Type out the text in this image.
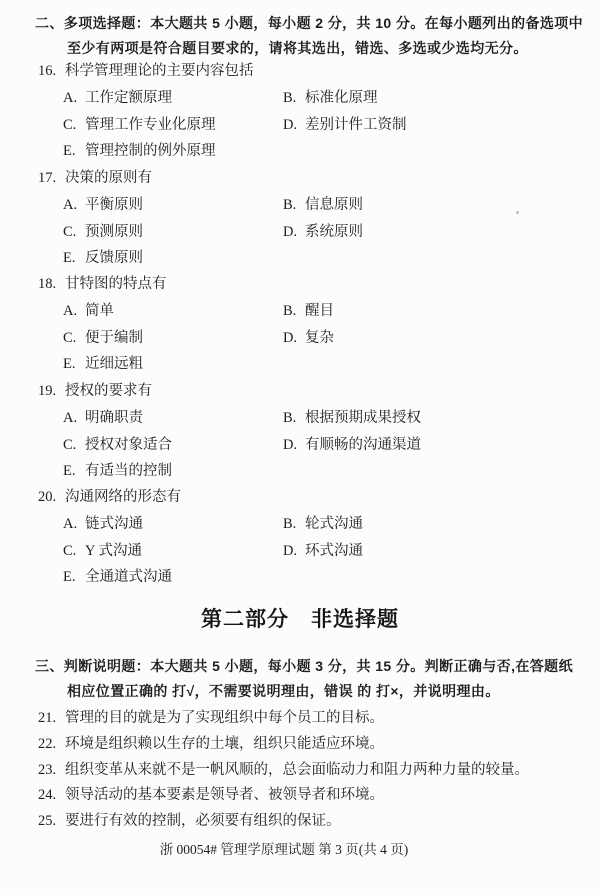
二、多项选择题：本大题共 5 小题，每小题 2 分，共 10 分。在每小题列出的备选项中
至少有两项是符合题目要求的，请将其选出，错选、多选或少选均无分。
16. 科学管理理论的主要内容包括
A. 工作定额原理	B. 标准化原理
C. 管理工作专业化原理	D. 差别计件工资制
E. 管理控制的例外原理
17. 决策的原则有
A. 平衡原则	B. 信息原则
C. 预测原则	D. 系统原则
E. 反馈原则
18. 甘特图的特点有
A. 简单	B. 醒目
C. 便于编制	D. 复杂
E. 近细远粗
19. 授权的要求有
A. 明确职责	B. 根据预期成果授权
C. 授权对象适合	D. 有顺畅的沟通渠道
E. 有适当的控制
20. 沟通网络的形态有
A. 链式沟通	B. 轮式沟通
C. Y 式沟通	D. 环式沟通
E. 全通道式沟通
第二部分　非选择题
三、判断说明题：本大题共 5 小题，每小题 3 分，共 15 分。判断正确与否,在答题纸
相应位置正确的 打√，不需要说明理由，错误 的 打×，并说明理由。
21. 管理的目的就是为了实现组织中每个员工的目标。
22. 环境是组织赖以生存的土壤，组织只能适应环境。
23. 组织变革从来就不是一帆风顺的，总会面临动力和阻力两种力量的较量。
24. 领导活动的基本要素是领导者、被领导者和环境。
25. 要进行有效的控制，必须要有组织的保证。
浙 00054# 管理学原理试题 第 3 页(共 4 页)
